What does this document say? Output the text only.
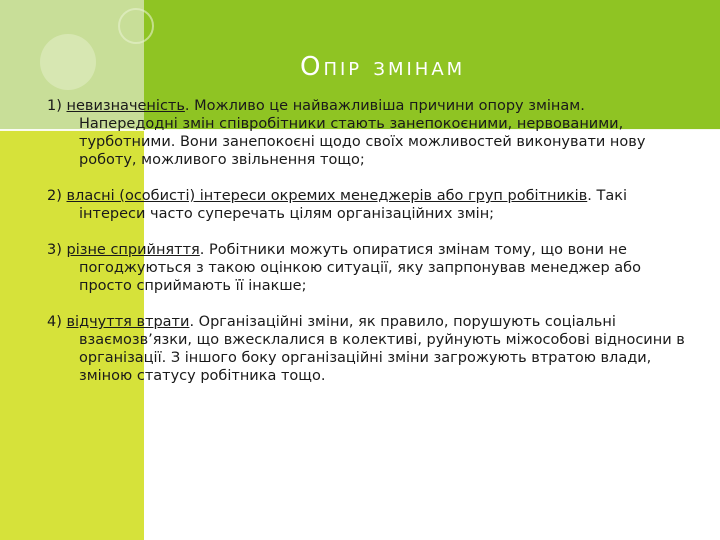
Опір змінам

1) невизначеність. Можливо це найважливіша причини опору змінам. Напередодні змін співробітники стають занепокоєними, нервованими, турботними. Вони занепокоєні щодо своїх можливостей виконувати нову роботу, можливого звільнення тощо;

2) власні (особисті) інтереси окремих менеджерів або груп робітників. Такі інтереси часто суперечать цілям організаційних змін;

3) різне сприйняття. Робітники можуть опиратися змінам тому, що вони не погоджуються з такою оцінкою ситуації, яку запрпонував менеджер або просто сприймають її інакше;

4) відчуття втрати. Організаційні зміни, як правило, порушують соціальні взаємозв’язки, що вжесклалися в колективі, руйнують міжособові відносини в організації. З іншого боку організаційні зміни загрожують втратою влади, зміною статусу робітника тощо.
